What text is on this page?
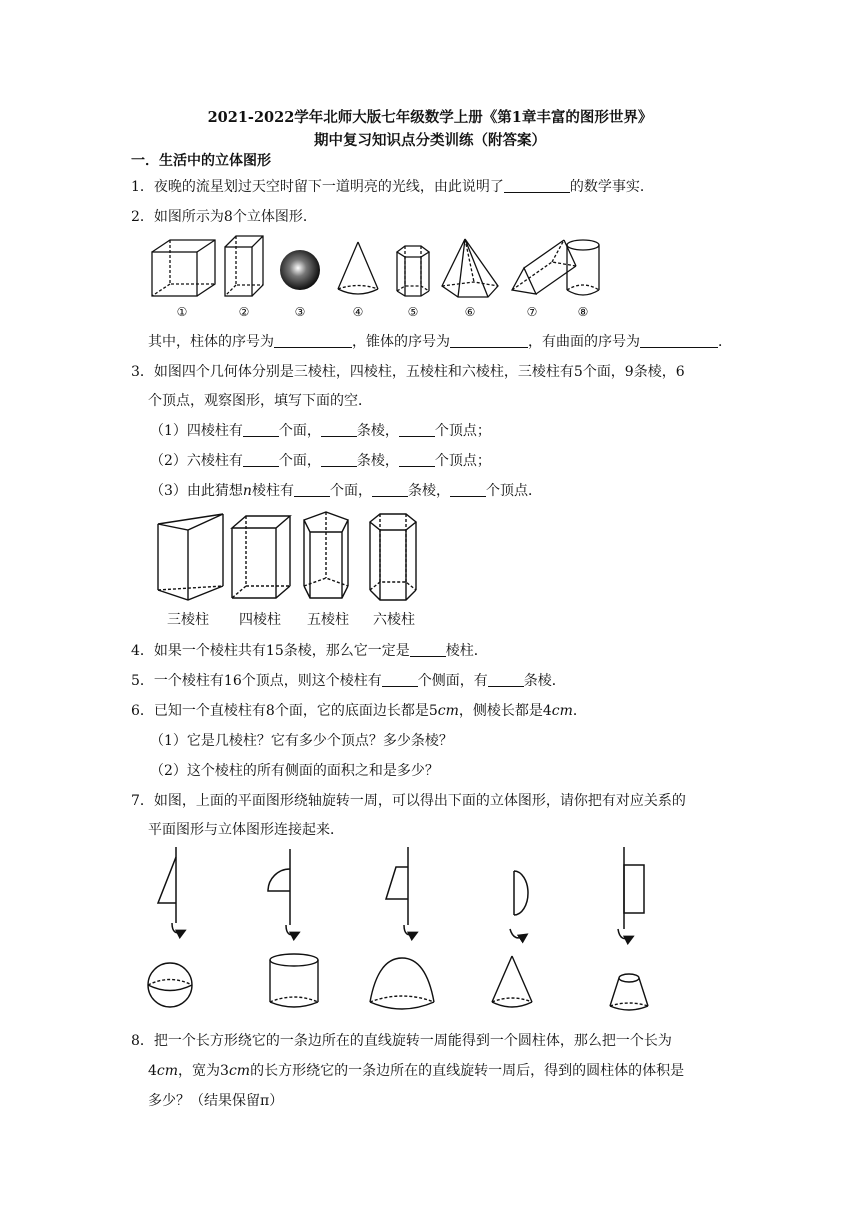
2021-2022学年北师大版七年级数学上册《第1章丰富的图形世界》
期中复习知识点分类训练（附答案）
一．生活中的立体图形
1．夜晚的流星划过天空时留下一道明亮的光线，由此说明了	的数学事实．
2．如图所示为8个立体图形．
①	②	③	④	⑤	⑥	⑦	⑧
其中，柱体的序号为	，锥体的序号为	，有曲面的序号为	．
3．如图四个几何体分别是三棱柱，四棱柱，五棱柱和六棱柱，三棱柱有5个面，9条棱，6
个顶点，观察图形，填写下面的空．
（1）四棱柱有	个面，	条棱，	个顶点；
（2）六棱柱有	个面，	条棱，	个顶点；
（3）由此猜想n棱柱有	个面，	条棱，	个顶点．
三棱柱 四棱柱 五棱柱 六棱柱
4．如果一个棱柱共有15条棱，那么它一定是	棱柱．
5．一个棱柱有16个顶点，则这个棱柱有	个侧面，有	条棱．
6．已知一个直棱柱有8个面，它的底面边长都是5cm，侧棱长都是4cm．
（1）它是几棱柱？它有多少个顶点？多少条棱？
（2）这个棱柱的所有侧面的面积之和是多少？
7．如图，上面的平面图形绕轴旋转一周，可以得出下面的立体图形，请你把有对应关系的
平面图形与立体图形连接起来．
8．把一个长方形绕它的一条边所在的直线旋转一周能得到一个圆柱体，那么把一个长为
4cm，宽为3cm的长方形绕它的一条边所在的直线旋转一周后，得到的圆柱体的体积是
多少？（结果保留π）
